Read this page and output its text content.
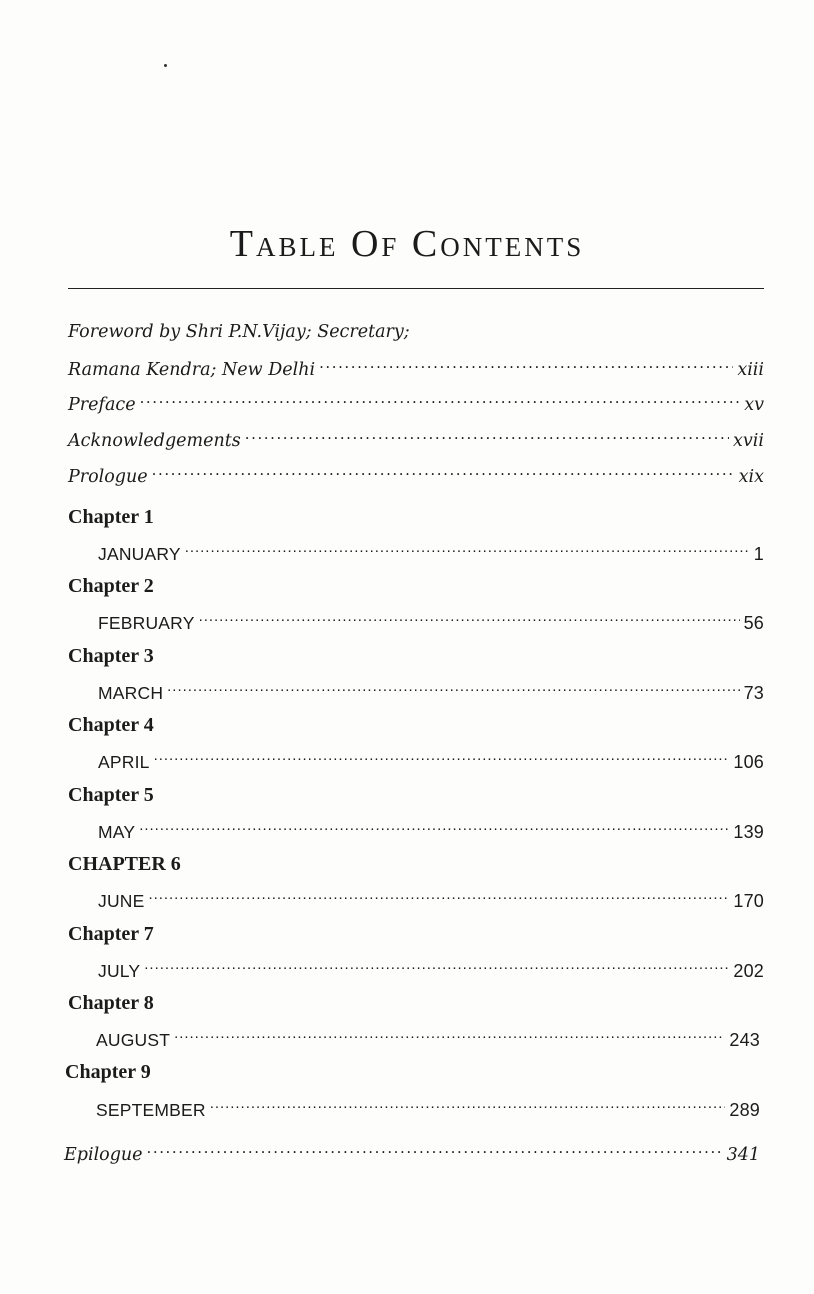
Table Of Contents
Foreword by Shri P.N.Vijay; Secretary;
Ramana Kendra; New Delhi . . .	xiii
Preface . . .	xv
Acknowledgements . . .	xvii
Prologue . . .	xix
Chapter 1
JANUARY . . .	1
Chapter 2
FEBRUARY . . .	56
Chapter 3
MARCH . . .	73
Chapter 4
APRIL . . .	106
Chapter 5
MAY . . .	139
CHAPTER 6
JUNE . . .	170
Chapter 7
JULY . . .	202
Chapter 8
AUGUST . . .	243
Chapter 9
SEPTEMBER . . .	289
Epilogue . . .	341
